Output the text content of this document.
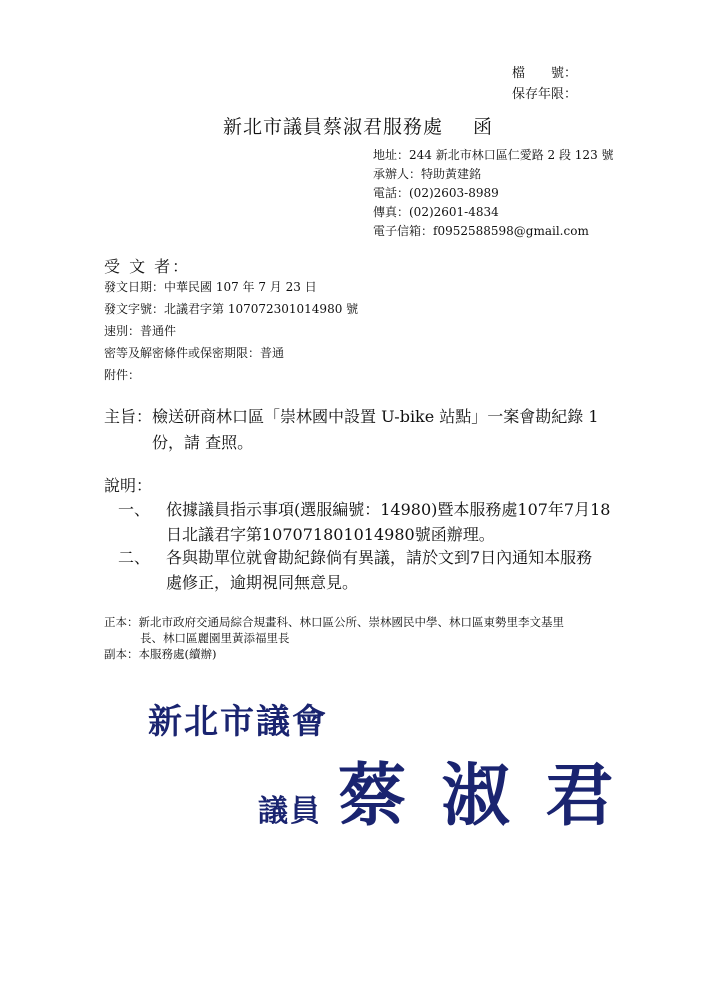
檔　　號：
保存年限：
新北市議員蔡淑君服務處 函
地址：244 新北市林口區仁愛路 2 段 123 號
承辦人：特助黃建銘
電話：(02)2603-8989
傳真：(02)2601-4834
電子信箱：f0952588598@gmail.com
受 文 者：
發文日期：中華民國 107 年 7 月 23 日
發文字號：北議君字第 107072301014980 號
速別：普通件
密等及解密條件或保密期限：普通
附件：
主旨：檢送研商林口區「崇林國中設置 U-bike 站點」一案會勘紀錄 1
份，請 查照。
說明：
一、 依據議員指示事項(選服編號：14980)暨本服務處107年7月18
日北議君字第107071801014980號函辦理。
二、 各與勘單位就會勘紀錄倘有異議，請於文到7日內通知本服務
處修正，逾期視同無意見。
正本：新北市政府交通局綜合規畫科、林口區公所、崇林國民中學、林口區東勢里李文基里
長、林口區麗園里黃添福里長
副本：本服務處(續辦)
新北市議會
議員 蔡 淑 君
